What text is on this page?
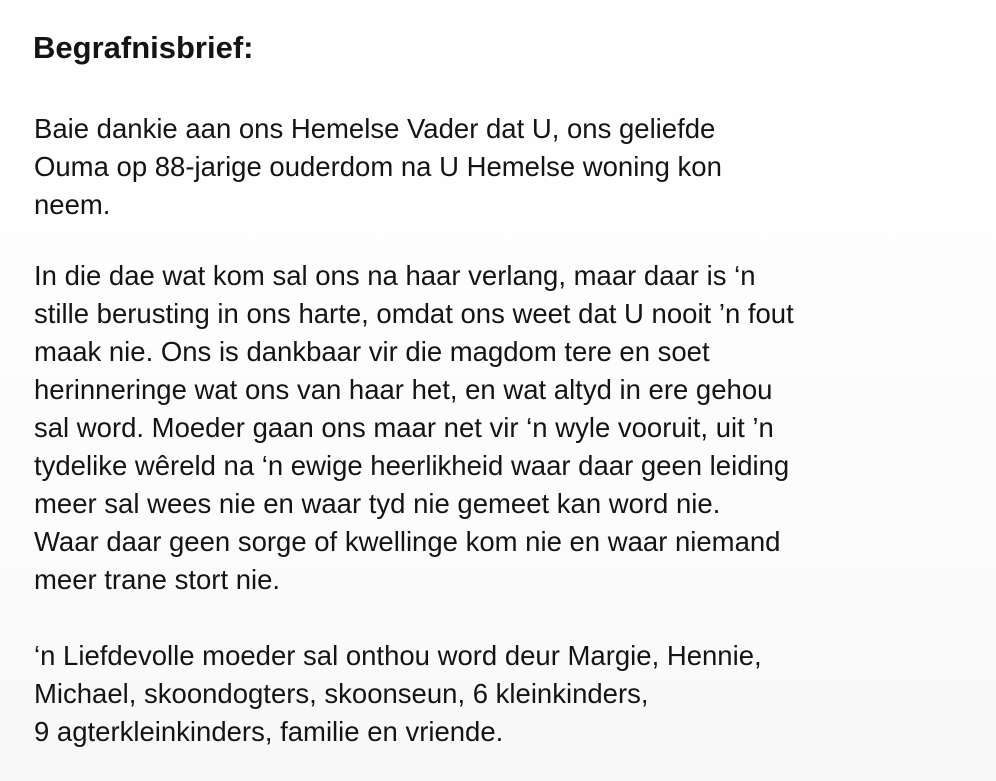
Begrafnisbrief:

Baie dankie aan ons Hemelse Vader dat U, ons geliefde
Ouma op 88-jarige ouderdom na U Hemelse woning kon
neem.

In die dae wat kom sal ons na haar verlang, maar daar is ‘n
stille berusting in ons harte, omdat ons weet dat U nooit ’n fout
maak nie. Ons is dankbaar vir die magdom tere en soet
herinneringe wat ons van haar het, en wat altyd in ere gehou
sal word. Moeder gaan ons maar net vir ‘n wyle vooruit, uit ’n
tydelike wêreld na ‘n ewige heerlikheid waar daar geen leiding
meer sal wees nie en waar tyd nie gemeet kan word nie.
Waar daar geen sorge of kwellinge kom nie en waar niemand
meer trane stort nie.

‘n Liefdevolle moeder sal onthou word deur Margie, Hennie,
Michael, skoondogters, skoonseun, 6 kleinkinders,
9 agterkleinkinders, familie en vriende.
